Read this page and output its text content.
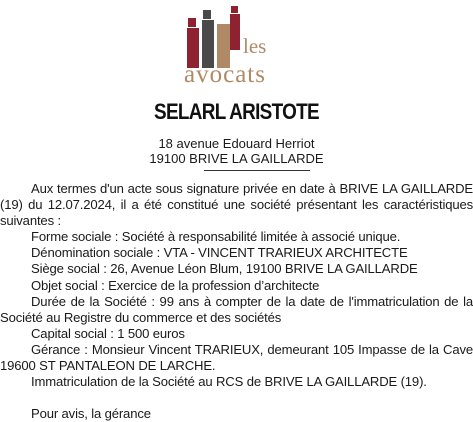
les
avocats
SELARL ARISTOTE
18 avenue Edouard Herriot
19100 BRIVE LA GAILLARDE

Aux termes d'un acte sous signature privée en date à BRIVE LA GAILLARDE (19) du 12.07.2024, il a été constitué une société présentant les caractéristiques suivantes :

Forme sociale : Société à responsabilité limitée à associé unique.

Dénomination sociale : VTA - VINCENT TRARIEUX ARCHITECTE

Siège social : 26, Avenue Léon Blum, 19100 BRIVE LA GAILLARDE

Objet social : Exercice de la profession d’architecte

Durée de la Société : 99 ans à compter de la date de l'immatriculation de la Société au Registre du commerce et des sociétés

Capital social : 1 500 euros

Gérance : Monsieur Vincent TRARIEUX, demeurant 105 Impasse de la Cave 19600 ST PANTALEON DE LARCHE.

Immatriculation de la Société au RCS de BRIVE LA GAILLARDE (19).

Pour avis, la gérance
